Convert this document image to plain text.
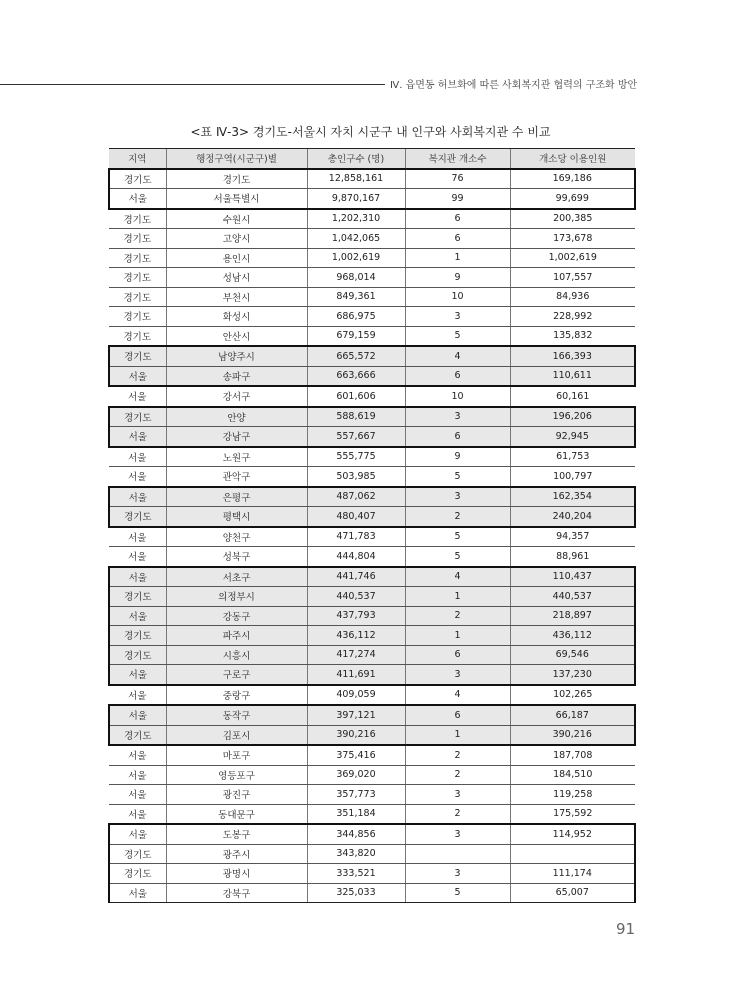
Ⅳ. 읍면동 허브화에 따른 사회복지관 협력의 구조화 방안
<표 Ⅳ-3> 경기도-서울시 자치 시군구 내 인구와 사회복지관 수 비교
지역	행정구역(시군구)별	총인구수 (명)	복지관 개소수	개소당 이용인원
경기도	경기도	12,858,161	76	169,186
서울	서울특별시	9,870,167	99	99,699
경기도	수원시	1,202,310	6	200,385
경기도	고양시	1,042,065	6	173,678
경기도	용인시	1,002,619	1	1,002,619
경기도	성남시	968,014	9	107,557
경기도	부천시	849,361	10	84,936
경기도	화성시	686,975	3	228,992
경기도	안산시	679,159	5	135,832
경기도	남양주시	665,572	4	166,393
서울	송파구	663,666	6	110,611
서울	강서구	601,606	10	60,161
경기도	안양	588,619	3	196,206
서울	강남구	557,667	6	92,945
서울	노원구	555,775	9	61,753
서울	관악구	503,985	5	100,797
서울	은평구	487,062	3	162,354
경기도	평택시	480,407	2	240,204
서울	양천구	471,783	5	94,357
서울	성북구	444,804	5	88,961
서울	서초구	441,746	4	110,437
경기도	의정부시	440,537	1	440,537
서울	강동구	437,793	2	218,897
경기도	파주시	436,112	1	436,112
경기도	시흥시	417,274	6	69,546
서울	구로구	411,691	3	137,230
서울	중랑구	409,059	4	102,265
서울	동작구	397,121	6	66,187
경기도	김포시	390,216	1	390,216
서울	마포구	375,416	2	187,708
서울	영등포구	369,020	2	184,510
서울	광진구	357,773	3	119,258
서울	동대문구	351,184	2	175,592
서울	도봉구	344,856	3	114,952
경기도	광주시	343,820		
경기도	광명시	333,521	3	111,174
서울	강북구	325,033	5	65,007
91
